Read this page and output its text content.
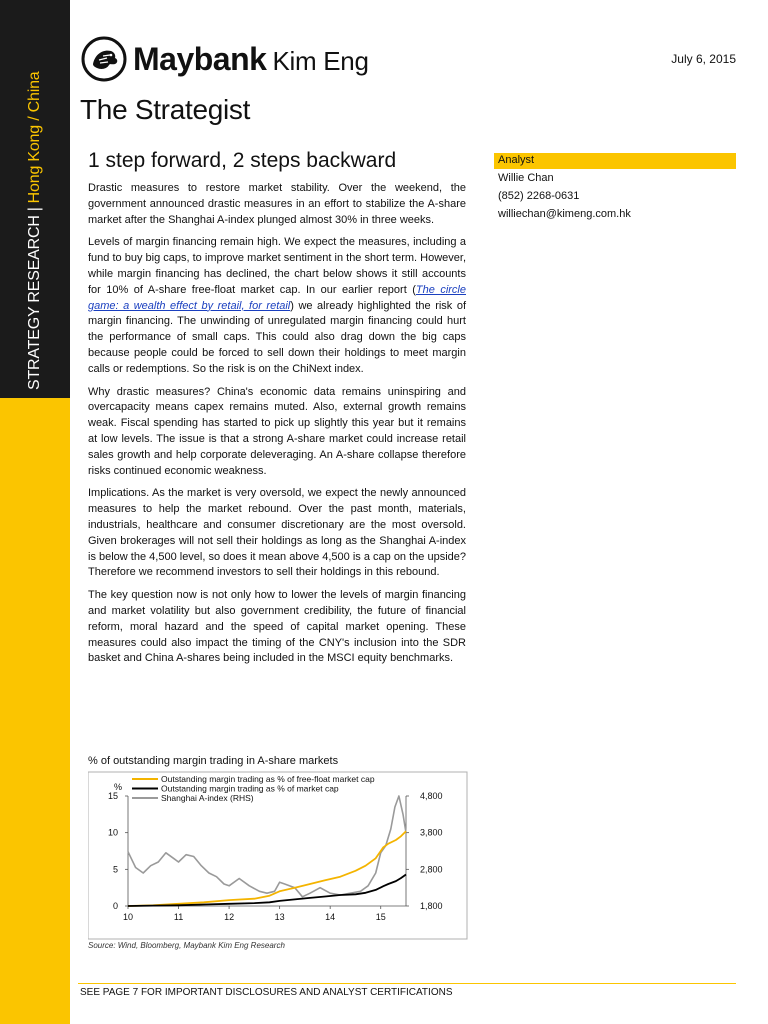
STRATEGY RESEARCH|Hong Kong / China
Maybank Kim Eng	July 6, 2015
The Strategist
1 step forward, 2 steps backward	Analyst
Willie Chan
(852) 2268-0631
williechan@kimeng.com.hk

Drastic measures to restore market stability. Over the weekend, the government announced drastic measures in an effort to stabilize the A-share market after the Shanghai A-index plunged almost 30% in three weeks.

Levels of margin financing remain high. We expect the measures, including a fund to buy big caps, to improve market sentiment in the short term. However, while margin financing has declined, the chart below shows it still accounts for 10% of A-share free-float market cap. In our earlier report (The circle game: a wealth effect by retail, for retail) we already highlighted the risk of margin financing. The unwinding of unregulated margin financing could hurt the performance of small caps. This could also drag down the big caps because people could be forced to sell down their holdings to meet margin calls or redemptions. So the risk is on the ChiNext index.

Why drastic measures? China's economic data remains uninspiring and overcapacity means capex remains muted. Also, external growth remains weak. Fiscal spending has started to pick up slightly this year but it remains at low levels. The issue is that a strong A-share market could increase retail sales growth and help corporate deleveraging. An A-share collapse therefore risks continued economic weakness.

Implications. As the market is very oversold, we expect the newly announced measures to help the market rebound. Over the past month, materials, industrials, healthcare and consumer discretionary are the most oversold. Given brokerages will not sell their holdings as long as the Shanghai A-index is below the 4,500 level, so does it mean above 4,500 is a cap on the upside? Therefore we recommend investors to sell their holdings in this rebound.

The key question now is not only how to lower the levels of margin financing and market volatility but also government credibility, the future of financial reform, moral hazard and the speed of capital market opening. These measures could also impact the timing of the CNY's inclusion into the SDR basket and China A-shares being included in the MSCI equity benchmarks.

% of outstanding margin trading in A-share markets
%
15
10
5
0
4,800
3,800
2,800
1,800
10	11	12	13	14	15
Outstanding margin trading as % of free-float market cap
Outstanding margin trading as % of market cap
Shanghai A-index (RHS)
Source: Wind, Bloomberg, Maybank Kim Eng Research
SEE PAGE 7 FOR IMPORTANT DISCLOSURES AND ANALYST CERTIFICATIONS
